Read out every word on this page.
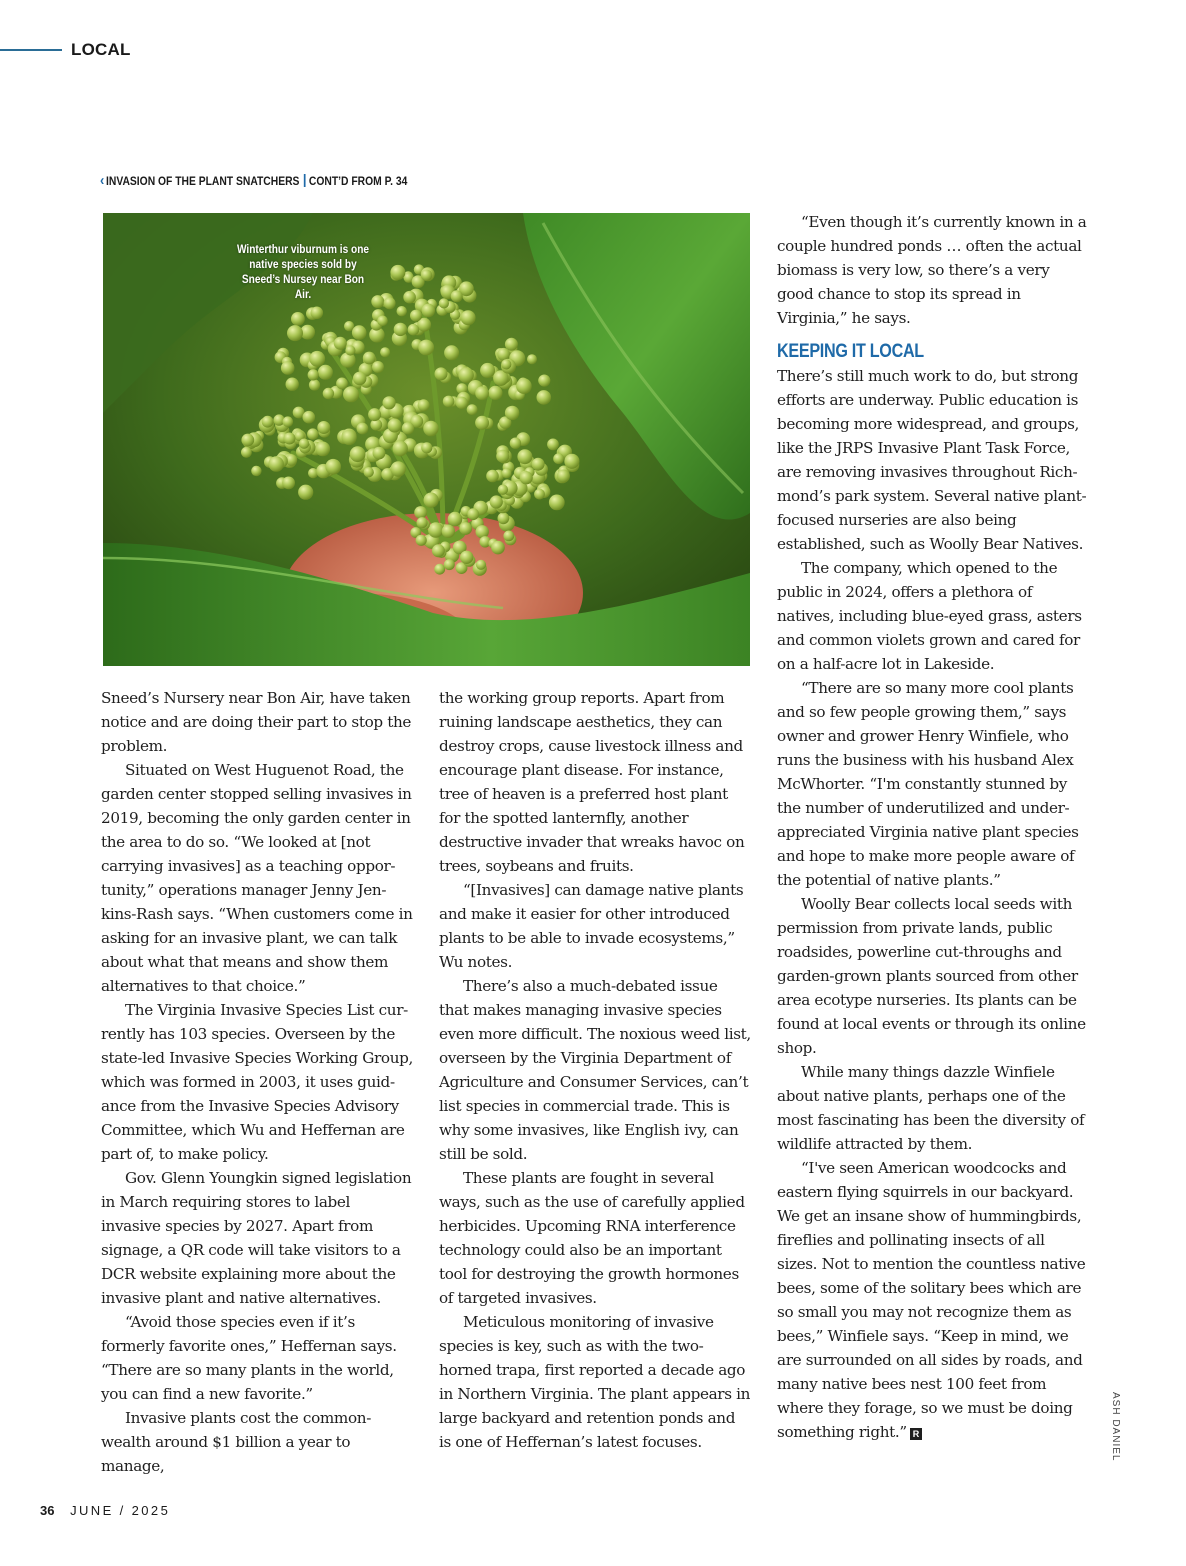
LOCAL
‹ INVASION OF THE PLANT SNATCHERS CONT’D FROM P. 34
Winterthur viburnum is one native species sold by Sneed’s Nursey near Bon Air.

Sneed’s Nursery near Bon Air, have taken notice and are doing their part to stop the problem.

Situated on West Huguenot Road, the garden center stopped selling invasives in 2019, becoming the only garden center in the area to do so. “We looked at [not carrying invasives] as a teaching opportunity,” operations manager Jenny Jenkins-Rash says. “When customers come in asking for an invasive plant, we can talk about what that means and show them alternatives to that choice.”

The Virginia Invasive Species List currently has 103 species. Overseen by the state-led Invasive Species Working Group, which was formed in 2003, it uses guidance from the Invasive Species Advisory Committee, which Wu and Heffernan are part of, to make policy.

Gov. Glenn Youngkin signed legislation in March requiring stores to label invasive species by 2027. Apart from signage, a QR code will take visitors to a DCR website explaining more about the invasive plant and native alternatives.

“Avoid those species even if it’s formerly favorite ones,” Heffernan says. “There are so many plants in the world, you can find a new favorite.”

Invasive plants cost the commonwealth around $1 billion a year to manage,

the working group reports. Apart from ruining landscape aesthetics, they can destroy crops, cause livestock illness and encourage plant disease. For instance, tree of heaven is a preferred host plant for the spotted lanternfly, another destructive invader that wreaks havoc on trees, soybeans and fruits.

“[Invasives] can damage native plants and make it easier for other introduced plants to be able to invade ecosystems,” Wu notes.

There’s also a much-debated issue that makes managing invasive species even more difficult. The noxious weed list, overseen by the Virginia Department of Agriculture and Consumer Services, can’t list species in commercial trade. This is why some invasives, like English ivy, can still be sold.

These plants are fought in several ways, such as the use of carefully applied herbicides. Upcoming RNA interference technology could also be an important tool for destroying the growth hormones of targeted invasives.

Meticulous monitoring of invasive species is key, such as with the two-horned trapa, first reported a decade ago in Northern Virginia. The plant appears in large backyard and retention ponds and is one of Heffernan’s latest focuses.

“Even though it’s currently known in a couple hundred ponds … often the actual biomass is very low, so there’s a very good chance to stop its spread in Virginia,” he says.

KEEPING IT LOCAL

There’s still much work to do, but strong efforts are underway. Public education is becoming more widespread, and groups, like the JRPS Invasive Plant Task Force, are removing invasives throughout Richmond’s park system. Several native plant-focused nurseries are also being established, such as Woolly Bear Natives.

The company, which opened to the public in 2024, offers a plethora of natives, including blue-eyed grass, asters and common violets grown and cared for on a half-acre lot in Lakeside.

“There are so many more cool plants and so few people growing them,” says owner and grower Henry Winfiele, who runs the business with his husband Alex McWhorter. “I'm constantly stunned by the number of underutilized and under-appreciated Virginia native plant species and hope to make more people aware of the potential of native plants.”

Woolly Bear collects local seeds with permission from private lands, public roadsides, powerline cut-throughs and garden-grown plants sourced from other area ecotype nurseries. Its plants can be found at local events or through its online shop.

While many things dazzle Winfiele about native plants, perhaps one of the most fascinating has been the diversity of wildlife attracted by them.

“I've seen American woodcocks and eastern flying squirrels in our backyard. We get an insane show of hummingbirds, fireflies and pollinating insects of all sizes. Not to mention the countless native bees, some of the solitary bees which are so small you may not recognize them as bees,” Winfiele says. “Keep in mind, we are surrounded on all sides by roads, and many native bees nest 100 feet from where they forage, so we must be doing something right.” R	ASH DANIEL
36 JUNE / 2025
